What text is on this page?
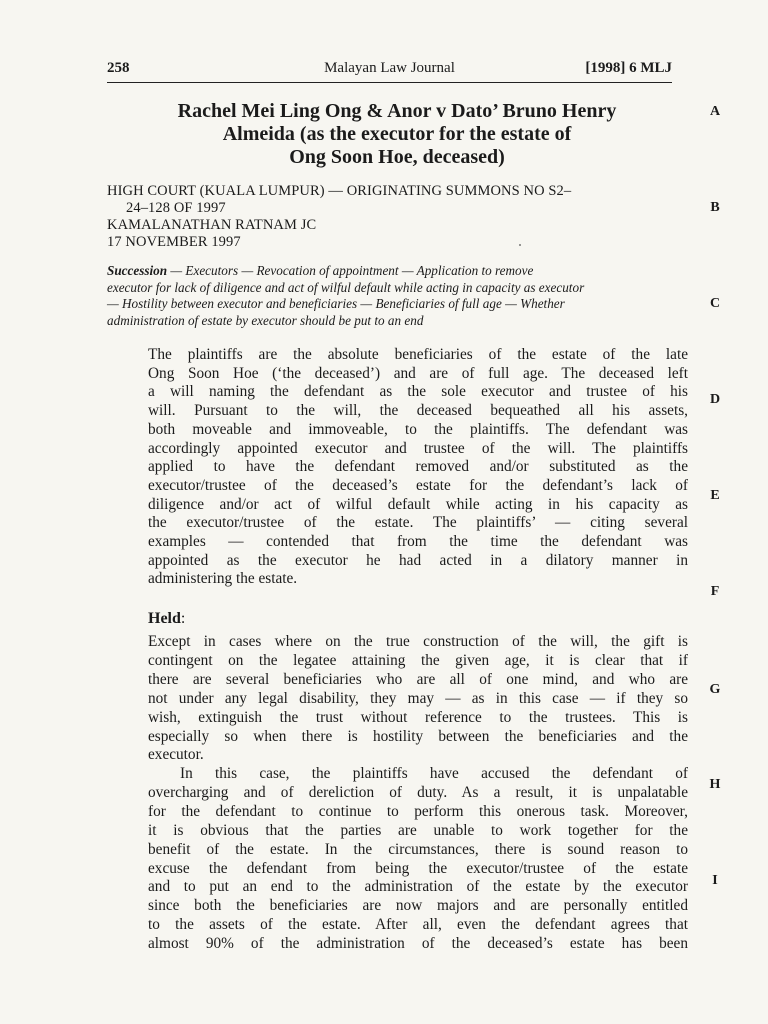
258	Malayan Law Journal	[1998] 6 MLJ
Rachel Mei Ling Ong & Anor v Dato’ Bruno Henry
Almeida (as the executor for the estate of
Ong Soon Hoe, deceased)
HIGH COURT (KUALA LUMPUR) — ORIGINATING SUMMONS NO S2–
24–128 OF 1997
KAMALANATHAN RATNAM JC
17 NOVEMBER 1997
Succession — Executors — Revocation of appointment — Application to remove
executor for lack of diligence and act of wilful default while acting in capacity as executor
— Hostility between executor and beneficiaries — Beneficiaries of full age — Whether
administration of estate by executor should be put to an end
The plaintiffs are the absolute beneficiaries of the estate of the late
Ong Soon Hoe (‘the deceased’) and are of full age. The deceased left
a will naming the defendant as the sole executor and trustee of his
will. Pursuant to the will, the deceased bequeathed all his assets,
both moveable and immoveable, to the plaintiffs. The defendant was
accordingly appointed executor and trustee of the will. The plaintiffs
applied to have the defendant removed and/or substituted as the
executor/trustee of the deceased’s estate for the defendant’s lack of
diligence and/or act of wilful default while acting in his capacity as
the executor/trustee of the estate. The plaintiffs’ — citing several
examples — contended that from the time the defendant was
appointed as the executor he had acted in a dilatory manner in
administering the estate.
Held:
Except in cases where on the true construction of the will, the gift is
contingent on the legatee attaining the given age, it is clear that if
there are several beneficiaries who are all of one mind, and who are
not under any legal disability, they may — as in this case — if they so
wish, extinguish the trust without reference to the trustees. This is
especially so when there is hostility between the beneficiaries and the
executor.
In this case, the plaintiffs have accused the defendant of
overcharging and of dereliction of duty. As a result, it is unpalatable
for the defendant to continue to perform this onerous task. Moreover,
it is obvious that the parties are unable to work together for the
benefit of the estate. In the circumstances, there is sound reason to
excuse the defendant from being the executor/trustee of the estate
and to put an end to the administration of the estate by the executor
since both the beneficiaries are now majors and are personally entitled
to the assets of the estate. After all, even the defendant agrees that
almost 90% of the administration of the deceased’s estate has been
A
B
C
D
E
F
G
H
I
